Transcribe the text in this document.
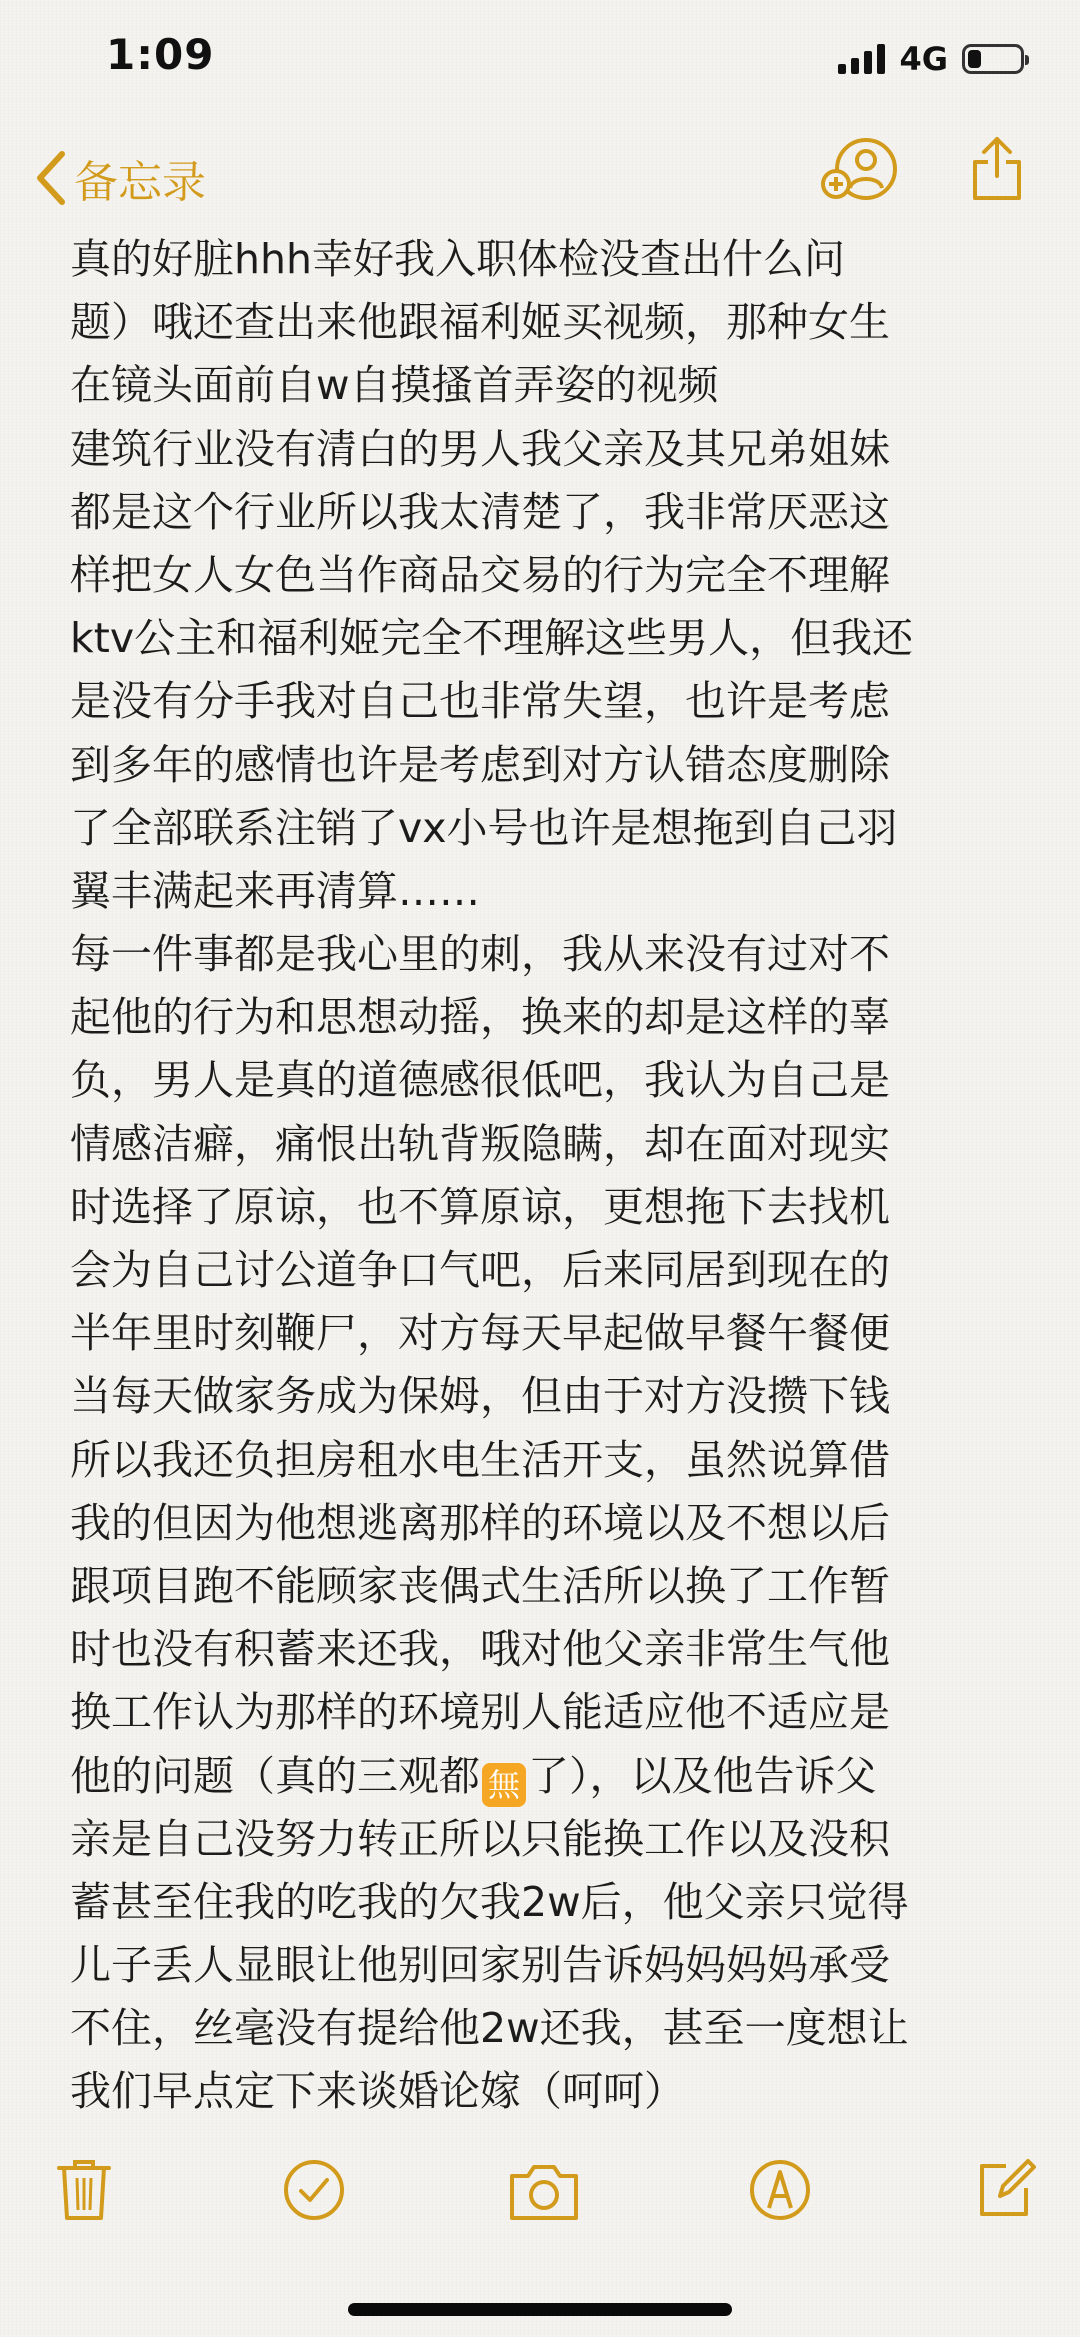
1:09	4G
备忘录
真的好脏hhh幸好我入职体检没查出什么问
题）哦还查出来他跟福利姬买视频，那种女生
在镜头面前自w自摸搔首弄姿的视频
建筑行业没有清白的男人我父亲及其兄弟姐妹
都是这个行业所以我太清楚了，我非常厌恶这
样把女人女色当作商品交易的行为完全不理解
ktv公主和福利姬完全不理解这些男人，但我还
是没有分手我对自己也非常失望，也许是考虑
到多年的感情也许是考虑到对方认错态度删除
了全部联系注销了vx小号也许是想拖到自己羽
翼丰满起来再清算……
每一件事都是我心里的刺，我从来没有过对不
起他的行为和思想动摇，换来的却是这样的辜
负，男人是真的道德感很低吧，我认为自己是
情感洁癖，痛恨出轨背叛隐瞒，却在面对现实
时选择了原谅，也不算原谅，更想拖下去找机
会为自己讨公道争口气吧，后来同居到现在的
半年里时刻鞭尸，对方每天早起做早餐午餐便
当每天做家务成为保姆，但由于对方没攒下钱
所以我还负担房租水电生活开支，虽然说算借
我的但因为他想逃离那样的环境以及不想以后
跟项目跑不能顾家丧偶式生活所以换了工作暂
时也没有积蓄来还我，哦对他父亲非常生气他
换工作认为那样的环境别人能适应他不适应是
他的问题（真的三观都 無 了），以及他告诉父
亲是自己没努力转正所以只能换工作以及没积
蓄甚至住我的吃我的欠我2w后，他父亲只觉得
儿子丢人显眼让他别回家别告诉妈妈妈妈承受
不住，丝毫没有提给他2w还我，甚至一度想让
我们早点定下来谈婚论嫁（呵呵）
